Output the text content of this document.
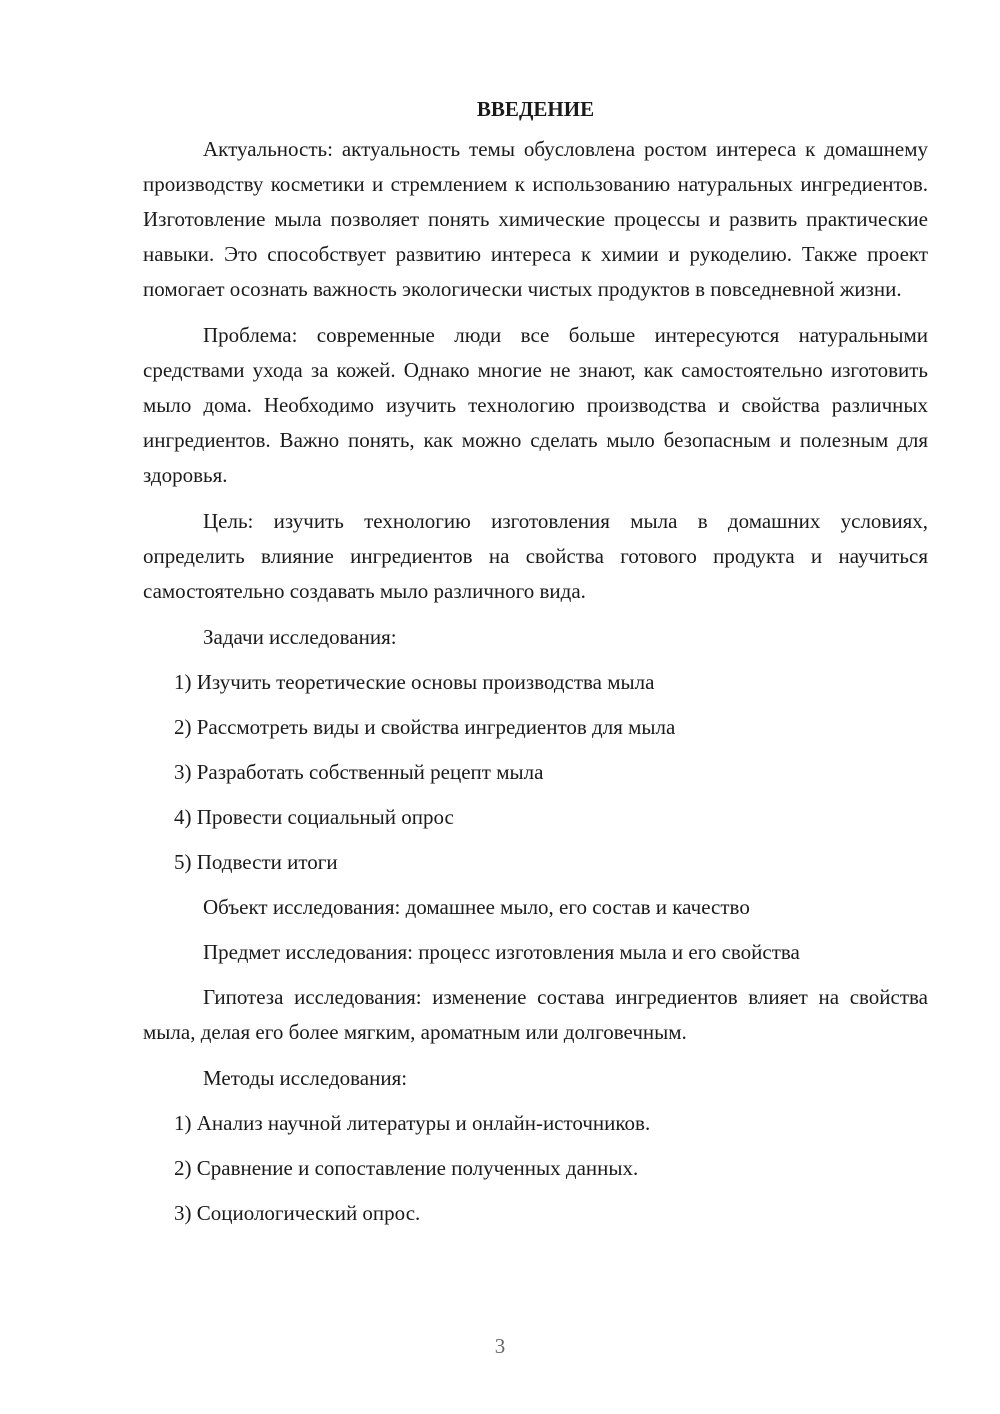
ВВЕДЕНИЕ
Актуальность: актуальность темы обусловлена ростом интереса к домашнему производству косметики и стремлением к использованию натуральных ингредиентов. Изготовление мыла позволяет понять химические процессы и развить практические навыки. Это способствует развитию интереса к химии и рукоделию. Также проект помогает осознать важность экологически чистых продуктов в повседневной жизни.
Проблема: современные люди все больше интересуются натуральными средствами ухода за кожей. Однако многие не знают, как самостоятельно изготовить мыло дома. Необходимо изучить технологию производства и свойства различных ингредиентов. Важно понять, как можно сделать мыло безопасным и полезным для здоровья.
Цель: изучить технологию изготовления мыла в домашних условиях, определить влияние ингредиентов на свойства готового продукта и научиться самостоятельно создавать мыло различного вида.
Задачи исследования:
1) Изучить теоретические основы производства мыла
2) Рассмотреть виды и свойства ингредиентов для мыла
3) Разработать собственный рецепт мыла
4) Провести социальный опрос
5) Подвести итоги
Объект исследования: домашнее мыло, его состав и качество
Предмет исследования: процесс изготовления мыла и его свойства
Гипотеза исследования: изменение состава ингредиентов влияет на свойства мыла, делая его более мягким, ароматным или долговечным.
Методы исследования:
1) Анализ научной литературы и онлайн-источников.
2) Сравнение и сопоставление полученных данных.
3) Социологический опрос.
3
